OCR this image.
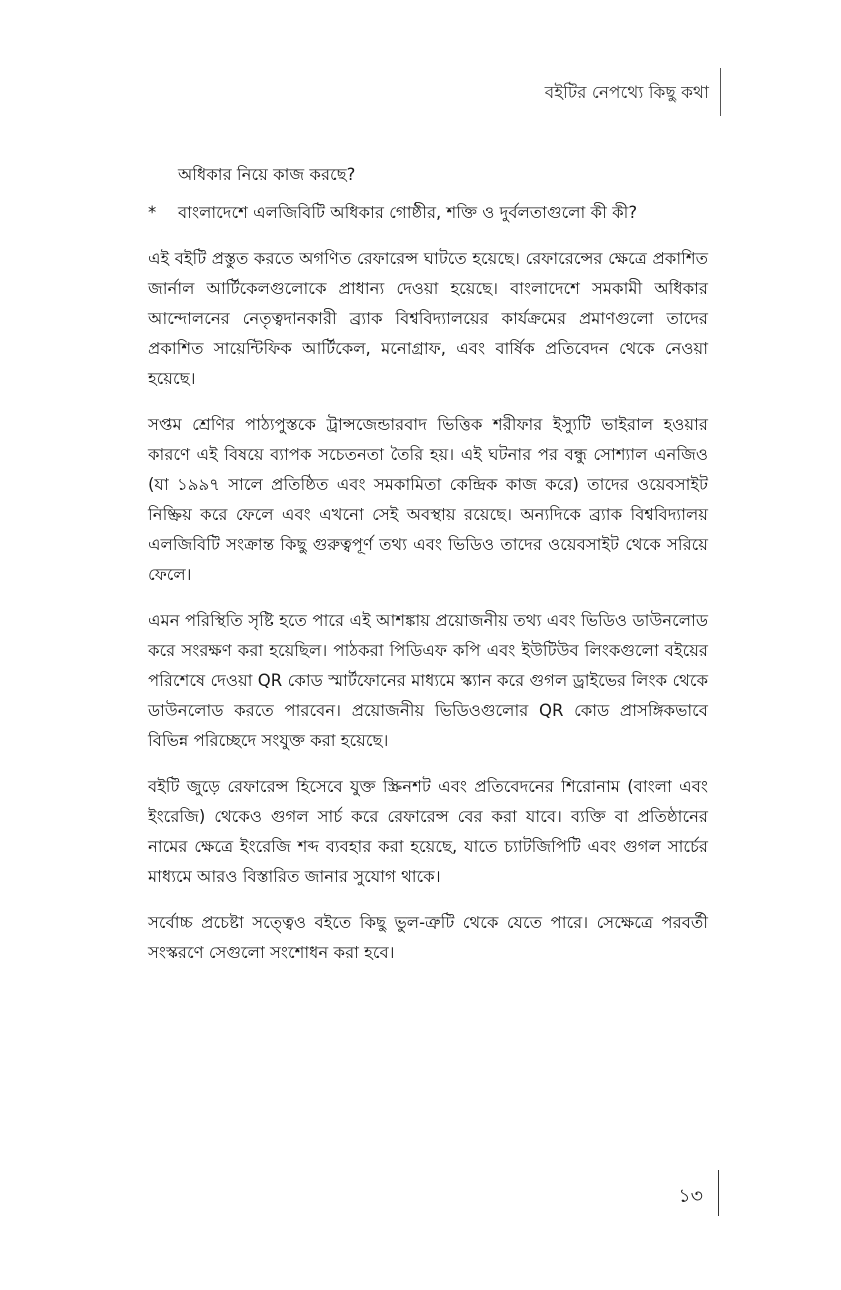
বইটির নেপথ্যে কিছু কথা
অধিকার নিয়ে কাজ করছে?
*	বাংলাদেশে এলজিবিটি অধিকার গোষ্ঠীর, শক্তি ও দুর্বলতাগুলো কী কী?

এই বইটি প্রস্তুত করতে অগণিত রেফারেন্স ঘাটতে হয়েছে। রেফারেন্সের ক্ষেত্রে প্রকাশিত জার্নাল আর্টিকেলগুলোকে প্রাধান্য দেওয়া হয়েছে। বাংলাদেশে সমকামী অধিকার আন্দোলনের নেতৃত্বদানকারী ব্র্যাক বিশ্ববিদ্যালয়ের কার্যক্রমের প্রমাণগুলো তাদের প্রকাশিত সায়েন্টিফিক আর্টিকেল, মনোগ্রাফ, এবং বার্ষিক প্রতিবেদন থেকে নেওয়া হয়েছে।

সপ্তম শ্রেণির পাঠ্যপুস্তকে ট্রান্সজেন্ডারবাদ ভিত্তিক শরীফার ইস্যুটি ভাইরাল হওয়ার কারণে এই বিষয়ে ব্যাপক সচেতনতা তৈরি হয়। এই ঘটনার পর বন্ধু সোশ্যাল এনজিও (যা ১৯৯৭ সালে প্রতিষ্ঠিত এবং সমকামিতা কেন্দ্রিক কাজ করে) তাদের ওয়েবসাইট নিষ্ক্রিয় করে ফেলে এবং এখনো সেই অবস্থায় রয়েছে। অন্যদিকে ব্র্যাক বিশ্ববিদ্যালয় এলজিবিটি সংক্রান্ত কিছু গুরুত্বপূর্ণ তথ্য এবং ভিডিও তাদের ওয়েবসাইট থেকে সরিয়ে ফেলে।

এমন পরিস্থিতি সৃষ্টি হতে পারে এই আশঙ্কায় প্রয়োজনীয় তথ্য এবং ভিডিও ডাউনলোড করে সংরক্ষণ করা হয়েছিল। পাঠকরা পিডিএফ কপি এবং ইউটিউব লিংকগুলো বইয়ের পরিশেষে দেওয়া QR কোড স্মার্টফোনের মাধ্যমে স্ক্যান করে গুগল ড্রাইভের লিংক থেকে ডাউনলোড করতে পারবেন। প্রয়োজনীয় ভিডিওগুলোর QR কোড প্রাসঙ্গিকভাবে বিভিন্ন পরিচ্ছেদে সংযুক্ত করা হয়েছে।

বইটি জুড়ে রেফারেন্স হিসেবে যুক্ত স্ক্রিনশট এবং প্রতিবেদনের শিরোনাম (বাংলা এবং ইংরেজি) থেকেও গুগল সার্চ করে রেফারেন্স বের করা যাবে। ব্যক্তি বা প্রতিষ্ঠানের নামের ক্ষেত্রে ইংরেজি শব্দ ব্যবহার করা হয়েছে, যাতে চ্যাটজিপিটি এবং গুগল সার্চের মাধ্যমে আরও বিস্তারিত জানার সুযোগ থাকে।

সর্বোচ্চ প্রচেষ্টা সত্ত্বেও বইতে কিছু ভুল-ত্রুটি থেকে যেতে পারে। সেক্ষেত্রে পরবর্তী সংস্করণে সেগুলো সংশোধন করা হবে।

১৩
